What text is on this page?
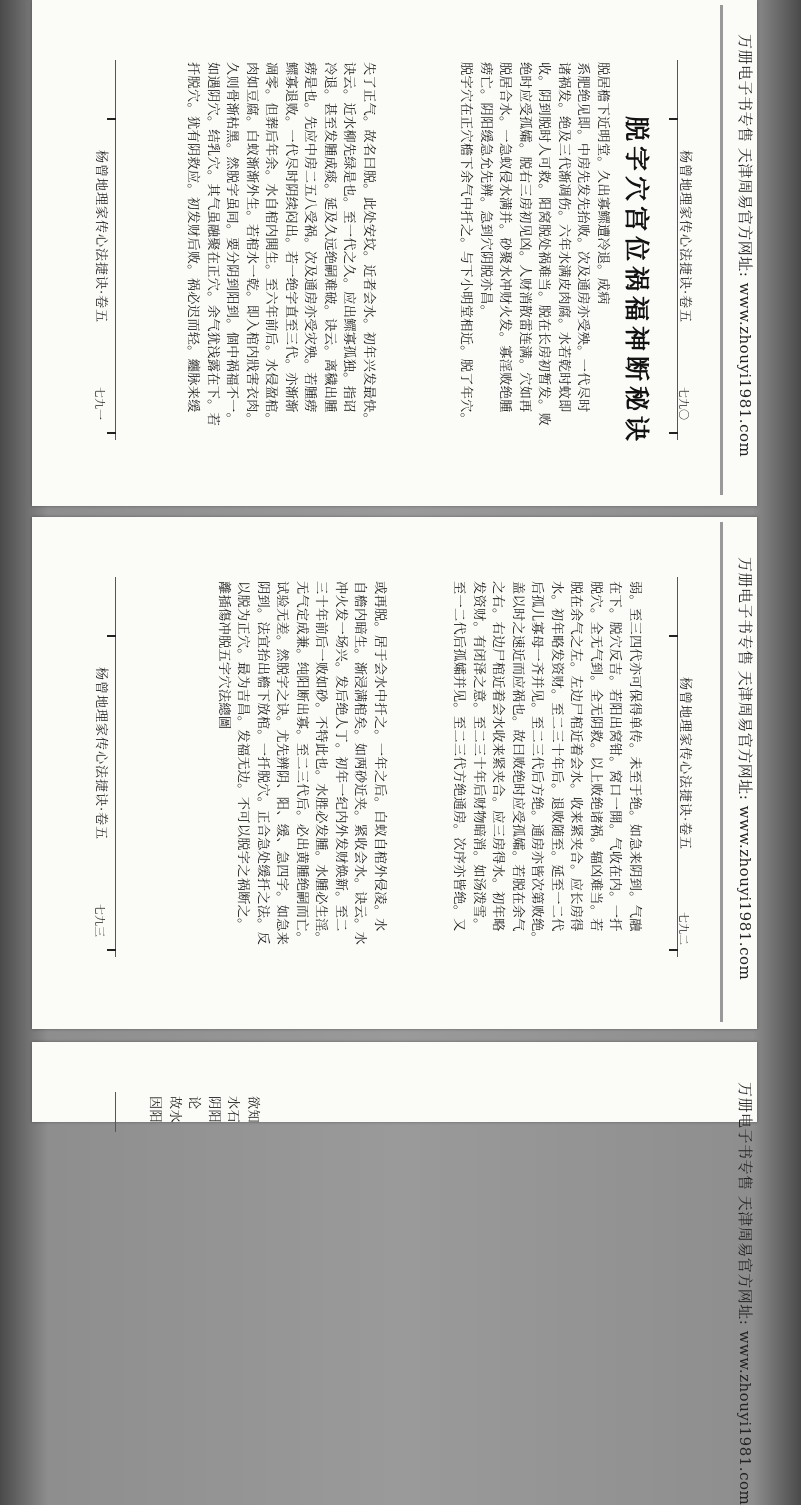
万册电子书专售 天津周易官方网址: www.zhouyi1981.com
杨曾地理家传心法捷诀·卷五
七九〇
脱字穴宫位祸福神断秘诀
脱居檐下近明堂。久出寡鳏遭冷退。成病
系肥绝见即。中房先发先抬败。次及通房亦受殃。一代尽时
诸祸发。绝及三代渐凋伤。六年水满皮肉腐。水若乾时蚊即
收。阴到脱时人可救。阳窝脱处祸难当。脱在长房初暂发。败
绝时应受孤孀。脱右三房初见凶。人财消散雷连满。穴如再
脱居合水。一急蚁侵水满并。砂聚水冲财火发。寡淫败绝腫
痨亡。阴阳缓急允先辨。急到穴阴脱亦昌。
脱字穴在正穴檐下余气中扦之。与下小明堂相近。脱了年穴。
失了正气。故名曰脱。此处安坟。近者会水。初年兴发最快。
诀云。近水柳先绿是也。至一代之久。应出鳏寡孤独。指诏
冷退。甚至发腫成痰。延及久远绝嗣难破。诀云。离穢出腫
痨是也。先应中房二五八受祸。次及通房亦受灾殃。若腫痨
鳏寡退败。一代尽时阴续闷出。若一绝字直至三代。亦渐渐
凋零。但葬后年余。水自棺内閧生。至六年前后。水侵盈棺。
肉如豆腐。白蚁渐渐外生。若棺水一乾。即入棺内戕害衣肉。
久则骨渐枯黑。然脱字虽同。要分阴到阳到。個中祸福不一。
如遇阴穴。结乳穴。其气虽融聚在正穴。余气犹浅露在下。若
扦脱穴。犹有阴救应。初发财后败。祸必迟而轻。纏脉来缓
杨曾地理家传心法捷诀·卷五
七九一
万册电子书专售 天津周易官方网址: www.zhouyi1981.com
杨曾地理家传心法捷诀·卷五
七九二
弱。至三四代亦可保得单传。未至于绝。如急来阴到。气融
在下。脱穴反吉。若阳出窝钳。窝口一開。气收在内。一扦
脱穴。全无气到。全无阴救。以上败绝诸祸。辐凶难当。若
脱在余气之左。左边尸棺近着会水。收来紧夹合。应长房得
水。初年略发资财。至二三十年后。退败随至。延至一二代
后孤儿寡母一齐并见。至二三代后方绝。通房亦皆次第败绝。
盖以时之速近而应祸也。故曰败绝时应受孤孀。若脱在余气
之右。右边尸棺近着会水收来紧夹合。应三房得水。初年略
发资财。有闭泽之意。至二三十年后财物暗消。如汤泼雪。
至一二代后孤孀并见。至二三代方绝通房。次序亦皆绝。又
或再脱。居于会水中扦之。一年之后。白蚁自棺外侵凌。水
自檐内暗生。渐浸满棺矣。如两砂近夹。紧收会水。诀云。水
冲火发一场兴。发后绝人丁。初年一纪内外发财焕新。至二
三十年前后一败如砂。不特此也。水胜必发腫。水腫必生淫。
无气定成兼。纯阳断出寡。至二三代后。必出黄腫绝嗣而亡。
试验无差。然脱字之诀。尤先辨阴、阳、缓、急四字。如急来
阴到。法宜抬出檐下放棺。一扦脱穴。正合急处缓扦之法。反
以脱为正穴。最为吉昌。发福无边。不可以脱字之祸断之。
離插傷冲脱五字穴法總圖
杨曾地理家传心法捷诀·卷五
七九三
万册电子书专售 天津周易官方网址: www.zhouyi1981.com
欲知
水石
阴阳
论
故水
因阳
